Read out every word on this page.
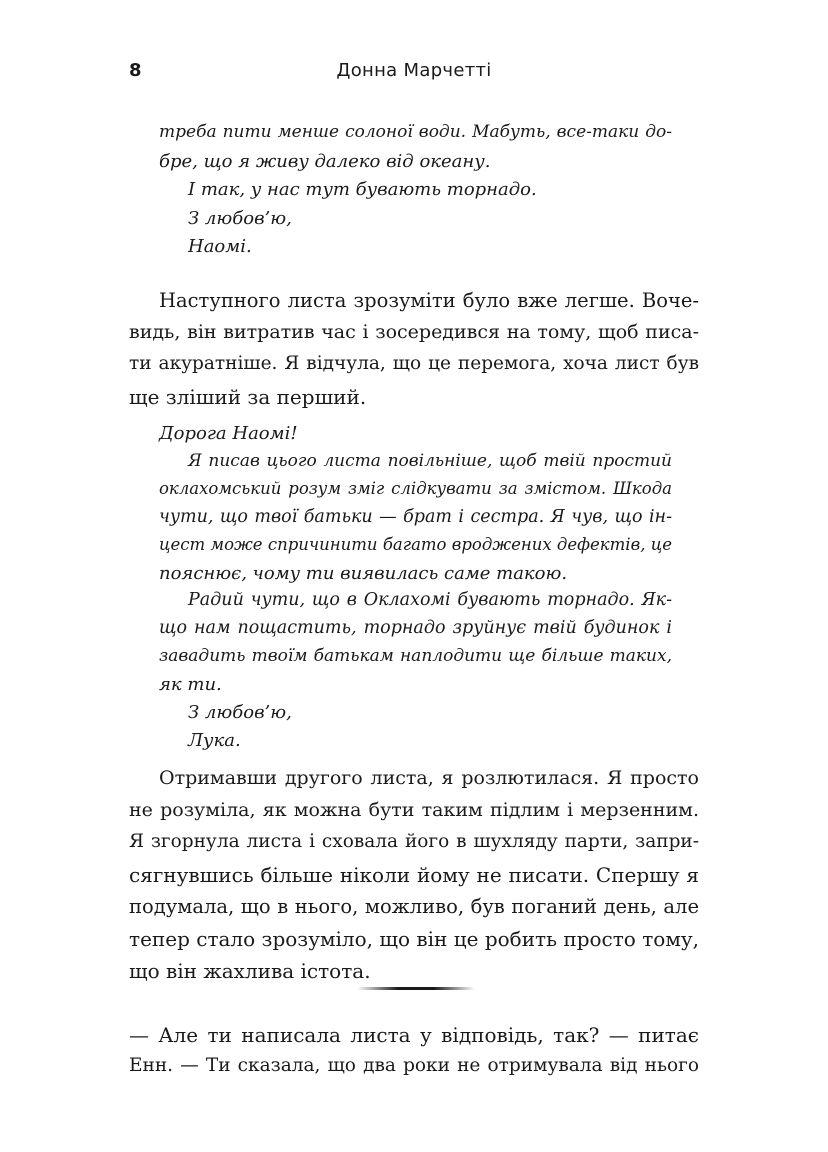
8	Донна Марчетті
треба пити менше солоної води. Мабуть, все-таки до-
бре, що я живу далеко від океану.
І так, у нас тут бувають торнадо.
З любов’ю,
Наомі.
Наступного листа зрозуміти було вже легше. Воче-
видь, він витратив час і зосередився на тому, щоб писа-
ти акуратніше. Я відчула, що це перемога, хоча лист був
ще зліший за перший.
Дорога Наомі!
Я писав цього листа повільніше, щоб твій простий
оклахомський розум зміг слідкувати за змістом. Шкода
чути, що твої батьки — брат і сестра. Я чув, що ін-
цест може спричинити багато вроджених дефектів, це
пояснює, чому ти виявилась саме такою.
Радий чути, що в Оклахомі бувають торнадо. Як-
що нам пощастить, торнадо зруйнує твій будинок і
завадить твоїм батькам наплодити ще більше таких,
як ти.
З любов’ю,
Лука.
Отримавши другого листа, я розлютилася. Я просто
не розуміла, як можна бути таким підлим і мерзенним.
Я згорнула листа і сховала його в шухляду парти, запри-
сягнувшись більше ніколи йому не писати. Спершу я
подумала, що в нього, можливо, був поганий день, але
тепер стало зрозуміло, що він це робить просто тому,
що він жахлива істота.
— Але ти написала листа у відповідь, так? — питає
Енн. — Ти сказала, що два роки не отримувала від нього
